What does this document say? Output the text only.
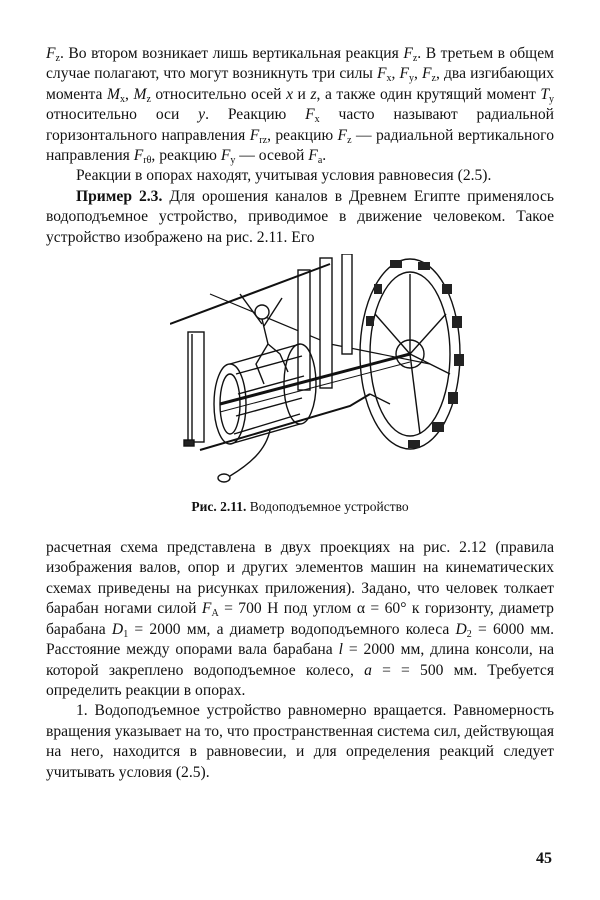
$F_z$. Во втором возникает лишь вертикальная реакция $F_z$. В третьем в общем случае полагают, что могут возникнуть три силы $F_x$, $F_y$, $F_z$, два изгибающих момента $M_x$, $M_z$ относительно осей x и z, а также один крутящий момент $T_y$ относительно оси y. Реакцию $F_x$ часто называют радиальной горизонтального направления $F_{rz}$, реакцию $F_z$ — радиальной вертикального направления $F_{r\theta}$, реакцию $F_y$ — осевой $F_a$.

Реакции в опорах находят, учитывая условия равновесия (2.5).

Пример 2.3. Для орошения каналов в Древнем Египте применялось водоподъемное устройство, приводимое в движение человеком. Такое устройство изображено на рис. 2.11. Его

Рис. 2.11. Водоподъемное устройство

расчетная схема представлена в двух проекциях на рис. 2.12 (правила изображения валов, опор и других элементов машин на кинематических схемах приведены на рисунках приложения). Задано, что человек толкает барабан ногами силой $F_A = 700$ Н под углом α = 60° к горизонту, диаметр барабана $D_1 = 2000$ мм, а диаметр водоподъемного колеса $D_2 = 6000$ мм. Расстояние между опорами вала барабана l = 2000 мм, длина консоли, на которой закреплено водоподъемное колесо, a = = 500 мм. Требуется определить реакции в опорах.

1. Водоподъемное устройство равномерно вращается. Равномерность вращения указывает на то, что пространственная система сил, действующая на него, находится в равновесии, и для определения реакций следует учитывать условия (2.5).

45
